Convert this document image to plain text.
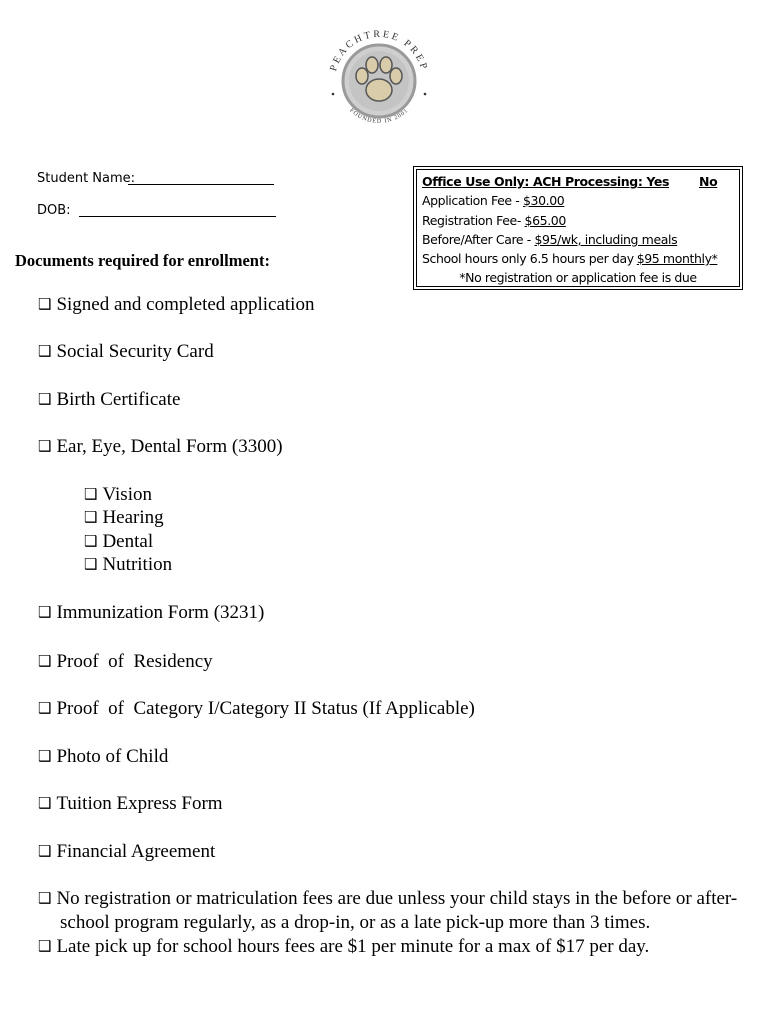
PEACHTREE PREP
FOUNDED IN 2001
Student Name:
DOB:
Office Use Only: ACH Processing: Yes No
Application Fee - $30.00
Registration Fee- $65.00
Before/After Care - $95/wk, including meals
School hours only 6.5 hours per day $95 monthly*
*No registration or application fee is due
Documents required for enrollment:
❑ Signed and completed application
❑ Social Security Card
❑ Birth Certificate
❑ Ear, Eye, Dental Form (3300)
❑ Vision
❑ Hearing
❑ Dental
❑ Nutrition
❑ Immunization Form (3231)
❑ Proof  of  Residency
❑ Proof  of  Category I/Category II Status (If Applicable)
❑ Photo of Child
❑ Tuition Express Form
❑ Financial Agreement
❑ No registration or matriculation fees are due unless your child stays in the before or after-school program regularly, as a drop-in, or as a late pick-up more than 3 times.
❑ Late pick up for school hours fees are $1 per minute for a max of $17 per day.
